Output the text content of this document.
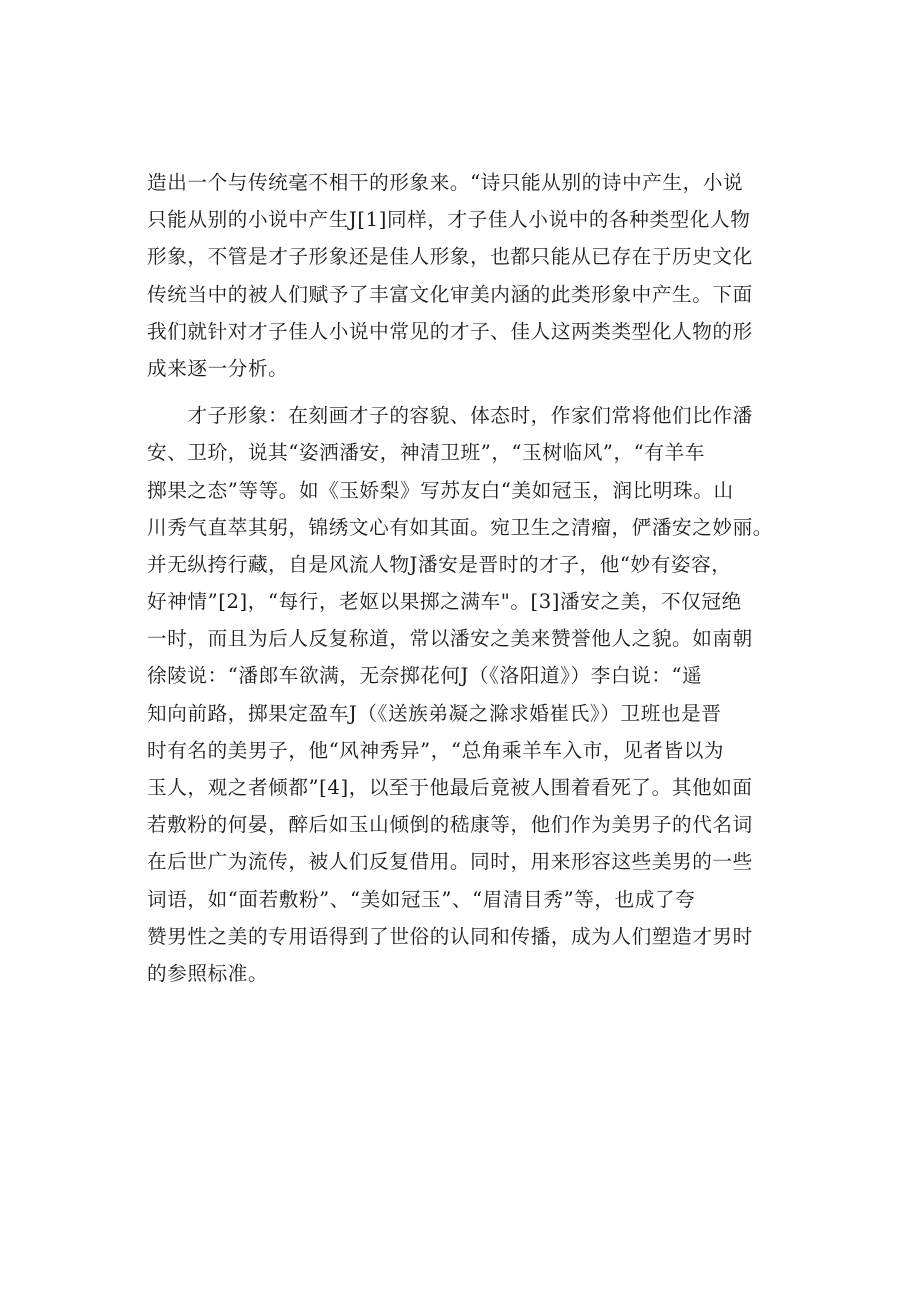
造出一个与传统毫不相干的形象来。“诗只能从别的诗中产生，小说
只能从别的小说中产生J[1]同样，才子佳人小说中的各种类型化人物
形象，不管是才子形象还是佳人形象，也都只能从已存在于历史文化
传统当中的被人们赋予了丰富文化审美内涵的此类形象中产生。下面
我们就针对才子佳人小说中常见的才子、佳人这两类类型化人物的形
成来逐一分析。
　　才子形象：在刻画才子的容貌、体态时，作家们常将他们比作潘
安、卫玠，说其“姿洒潘安，神清卫班”，“玉树临风”，“有羊车
掷果之态”等等。如《玉娇梨》写苏友白“美如冠玉，润比明珠。山
川秀气直萃其躬，锦绣文心有如其面。宛卫生之清瘤，俨潘安之妙丽。
并无纵挎行藏，自是风流人物J潘安是晋时的才子，他“妙有姿容，
好神情”[2]，“每行，老妪以果掷之满车"。[3]潘安之美，不仅冠绝
一时，而且为后人反复称道，常以潘安之美来赞誉他人之貌。如南朝
徐陵说：“潘郎车欲满，无奈掷花何J（《洛阳道》）李白说：“遥
知向前路，掷果定盈车J（《送族弟凝之滁求婚崔氏》）卫班也是晋
时有名的美男子，他“风神秀异”，“总角乘羊车入市，见者皆以为
玉人，观之者倾都”[4]，以至于他最后竟被人围着看死了。其他如面
若敷粉的何晏，醉后如玉山倾倒的嵇康等，他们作为美男子的代名词
在后世广为流传，被人们反复借用。同时，用来形容这些美男的一些
词语，如“面若敷粉”、“美如冠玉”、“眉清目秀”等，也成了夸
赞男性之美的专用语得到了世俗的认同和传播，成为人们塑造才男时
的参照标准。
